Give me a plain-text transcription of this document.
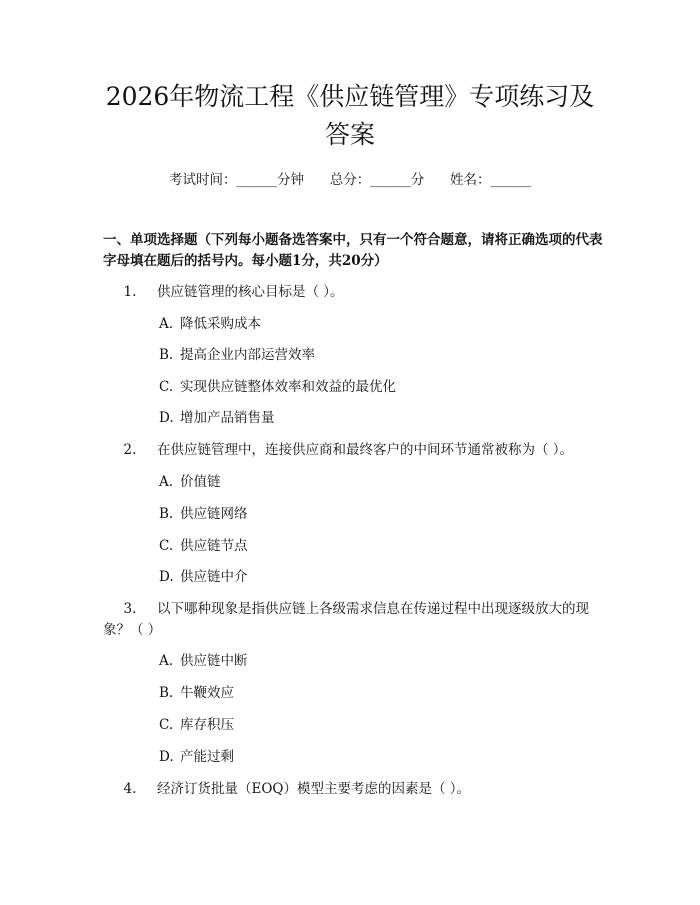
2026年物流工程《供应链管理》专项练习及答案
考试时间：______分钟      总分：______分      姓名：______

一、单项选择题（下列每小题备选答案中，只有一个符合题意，请将正确选项的代表字母填在题后的括号内。每小题1分，共20分）

1. 供应链管理的核心目标是（ ）。
A. 降低采购成本
B. 提高企业内部运营效率
C. 实现供应链整体效率和效益的最优化
D. 增加产品销售量
2. 在供应链管理中，连接供应商和最终客户的中间环节通常被称为（ ）。
A. 价值链
B. 供应链网络
C. 供应链节点
D. 供应链中介
3. 以下哪种现象是指供应链上各级需求信息在传递过程中出现逐级放大的现象？（ ）
A. 供应链中断
B. 牛鞭效应
C. 库存积压
D. 产能过剩
4. 经济订货批量（EOQ）模型主要考虑的因素是（ ）。
